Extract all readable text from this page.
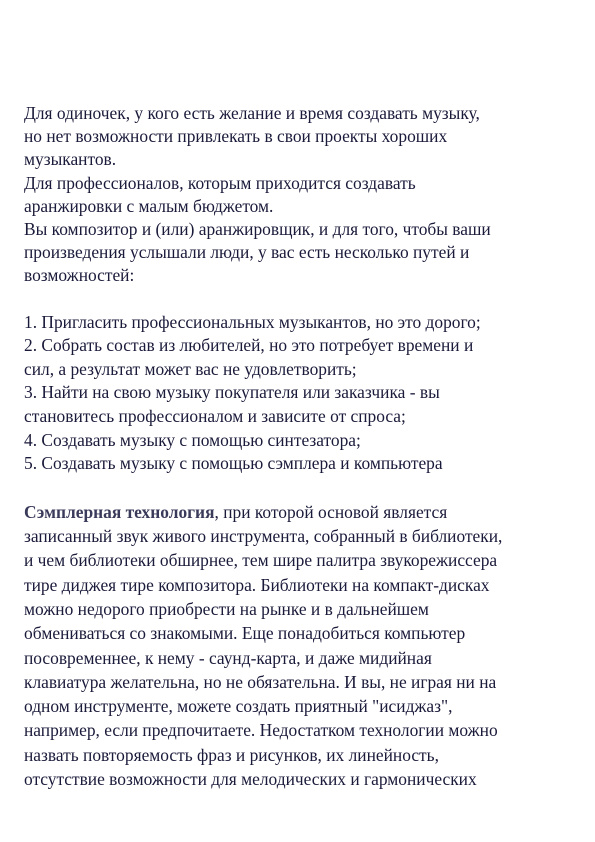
Для одиночек, у кого есть желание и время создавать музыку,

но нет возможности привлекать в свои проекты хороших

музыкантов.

Для профессионалов, которым приходится создавать

аранжировки с малым бюджетом.

Вы композитор и (или) аранжировщик, и для того, чтобы ваши

произведения услышали люди, у вас есть несколько путей и

возможностей:

1. Пригласить профессиональных музыкантов, но это дорого;

2. Собрать состав из любителей, но это потребует времени и

сил, а результат может вас не удовлетворить;

3. Найти на свою музыку покупателя или заказчика - вы

становитесь профессионалом и зависите от спроса;

4. Создавать музыку с помощью синтезатора;

5. Создавать музыку с помощью сэмплера и компьютера

Сэмплерная технология, при которой основой является

записанный звук живого инструмента, собранный в библиотеки,

и чем библиотеки обширнее, тем шире палитра звукорежиссера

тире диджея тире композитора. Библиотеки на компакт-дисках

можно недорого приобрести на рынке и в дальнейшем

обмениваться со знакомыми. Еще понадобиться компьютер

посовременнее, к нему - саунд-карта, и даже мидийная

клавиатура желательна, но не обязательна. И вы, не играя ни на

одном инструменте, можете создать приятный "исиджаз",

например, если предпочитаете. Недостатком технологии можно

назвать повторяемость фраз и рисунков, их линейность,

отсутствие возможности для мелодических и гармонических
